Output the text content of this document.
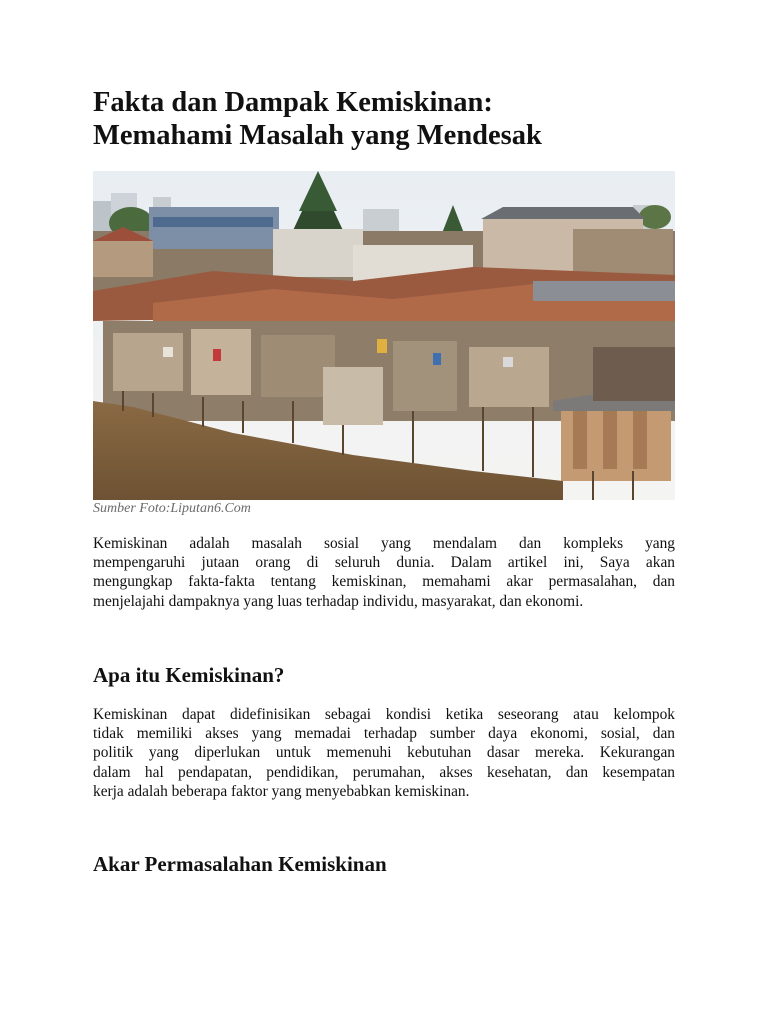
Fakta dan Dampak Kemiskinan:
Memahami Masalah yang Mendesak
Sumber Foto:Liputan6.Com

Kemiskinan adalah masalah sosial yang mendalam dan kompleks yang
mempengaruhi jutaan orang di seluruh dunia. Dalam artikel ini, Saya akan
mengungkap fakta-fakta tentang kemiskinan, memahami akar permasalahan, dan
menjelajahi dampaknya yang luas terhadap individu, masyarakat, dan ekonomi.

Apa itu Kemiskinan?

Kemiskinan dapat didefinisikan sebagai kondisi ketika seseorang atau kelompok
tidak memiliki akses yang memadai terhadap sumber daya ekonomi, sosial, dan
politik yang diperlukan untuk memenuhi kebutuhan dasar mereka. Kekurangan
dalam hal pendapatan, pendidikan, perumahan, akses kesehatan, dan kesempatan
kerja adalah beberapa faktor yang menyebabkan kemiskinan.

Akar Permasalahan Kemiskinan
